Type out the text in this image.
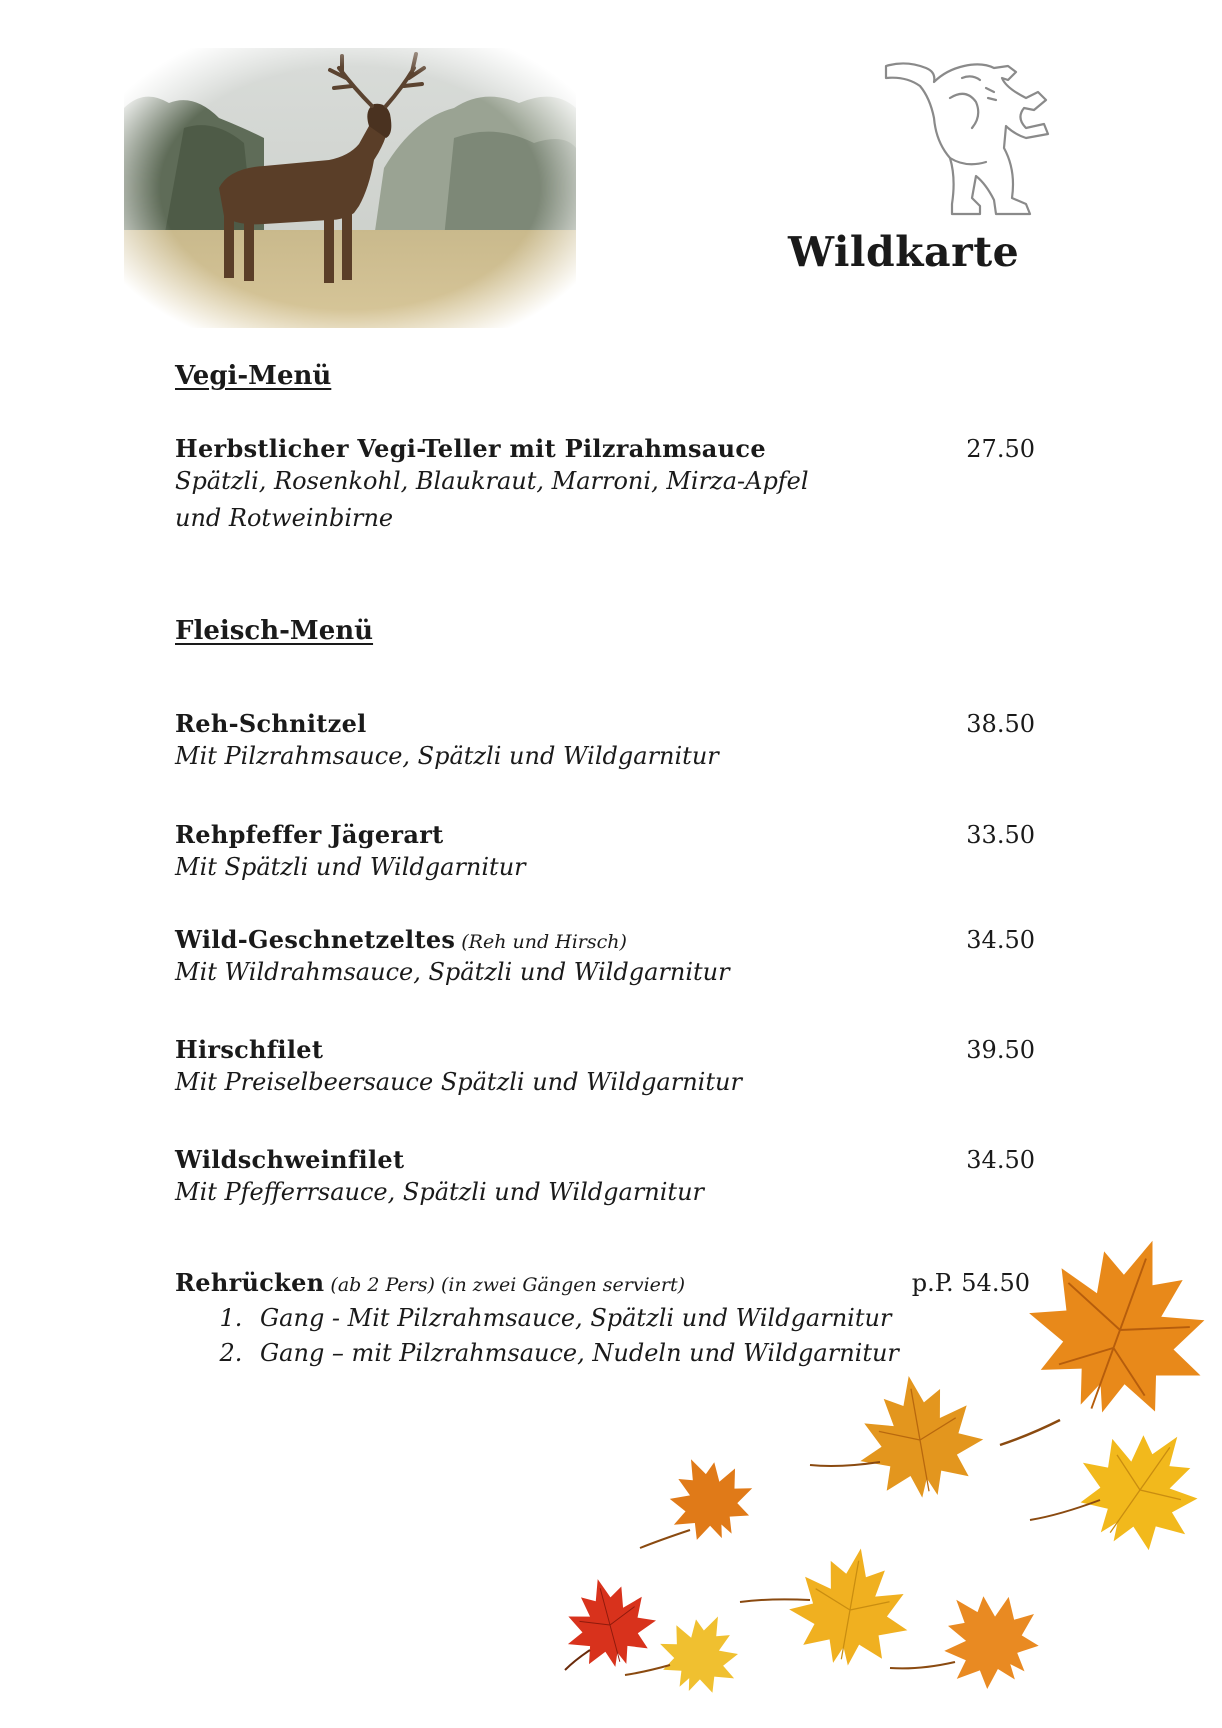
Wildkarte
Vegi-Menü
Herbstlicher Vegi-Teller mit Pilzrahmsauce	27.50
Spätzli, Rosenkohl, Blaukraut, Marroni, Mirza-Apfel
und Rotweinbirne
Fleisch-Menü
Reh-Schnitzel	38.50
Mit Pilzrahmsauce, Spätzli und Wildgarnitur
Rehpfeffer Jägerart	33.50
Mit Spätzli und Wildgarnitur
Wild-Geschnetzeltes (Reh und Hirsch)	34.50
Mit Wildrahmsauce, Spätzli und Wildgarnitur
Hirschfilet	39.50
Mit Preiselbeersauce Spätzli und Wildgarnitur
Wildschweinfilet	34.50
Mit Pfefferrsauce, Spätzli und Wildgarnitur
Rehrücken (ab 2 Pers) (in zwei Gängen serviert)	p.P. 54.50
1. Gang - Mit Pilzrahmsauce, Spätzli und Wildgarnitur
2. Gang – mit Pilzrahmsauce, Nudeln und Wildgarnitur
